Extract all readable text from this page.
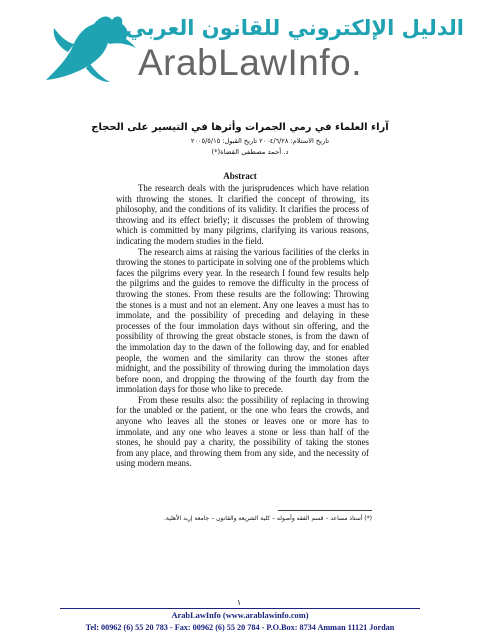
الدليل الإلكتروني للقانون العربي
ArabLawInfo.
آراء العلماء في رمي الجمرات وأثرها في التيسير على الحجاج
تاريخ الاستلام: ٢٠٠٤/٦/٢٨ تاريخ القبول: ٢٠٠٥/٥/١٥
د. أحمد مصطفى القضاة(*)
Abstract

The research deals with the jurisprudences which have relation with throwing the stones. It clarified the concept of throwing, its philosophy, and the conditions of its validity. It clarifies the process of throwing and its effect briefly; it discusses the problem of throwing which is committed by many pilgrims, clarifying its various reasons, indicating the modern studies in the field.

The research aims at raising the various facilities of the clerks in throwing the stones to participate in solving one of the problems which faces the pilgrims every year. In the research I found few results help the pilgrims and the guides to remove the difficulty in the process of throwing the stones. From these results are the following: Throwing the stones is a must and not an element. Any one leaves a must has to immolate, and the possibility of preceding and delaying in these processes of the four immolation days without sin offering, and the possibility of throwing the great obstacle stones, is from the dawn of the immolation day to the dawn of the following day, and for enabled people, the women and the similarity can throw the stones after midnight, and the possibility of throwing during the immolation days before noon, and dropping the throwing of the fourth day from the immolation days for those who like to precede.

From these results also: the possibility of replacing in throwing for the unabled or the patient, or the one who fears the crowds, and anyone who leaves all the stones or leaves one or more has to immolate, and any one who leaves a stone or less than half of the stones, he should pay a charity, the possibility of taking the stones from any place, and throwing them from any side, and the necessity of using modern means.

(*) أستاذ مساعد – قسم الفقه وأصوله – كلية الشريعة والقانون – جامعة إربد الأهلية.
١
ArabLawInfo (www.arablawinfo.com)
Tel: 00962 (6) 55 20 783 - Fax: 00962 (6) 55 20 784 - P.O.Box: 8734 Amman 11121 Jordan
